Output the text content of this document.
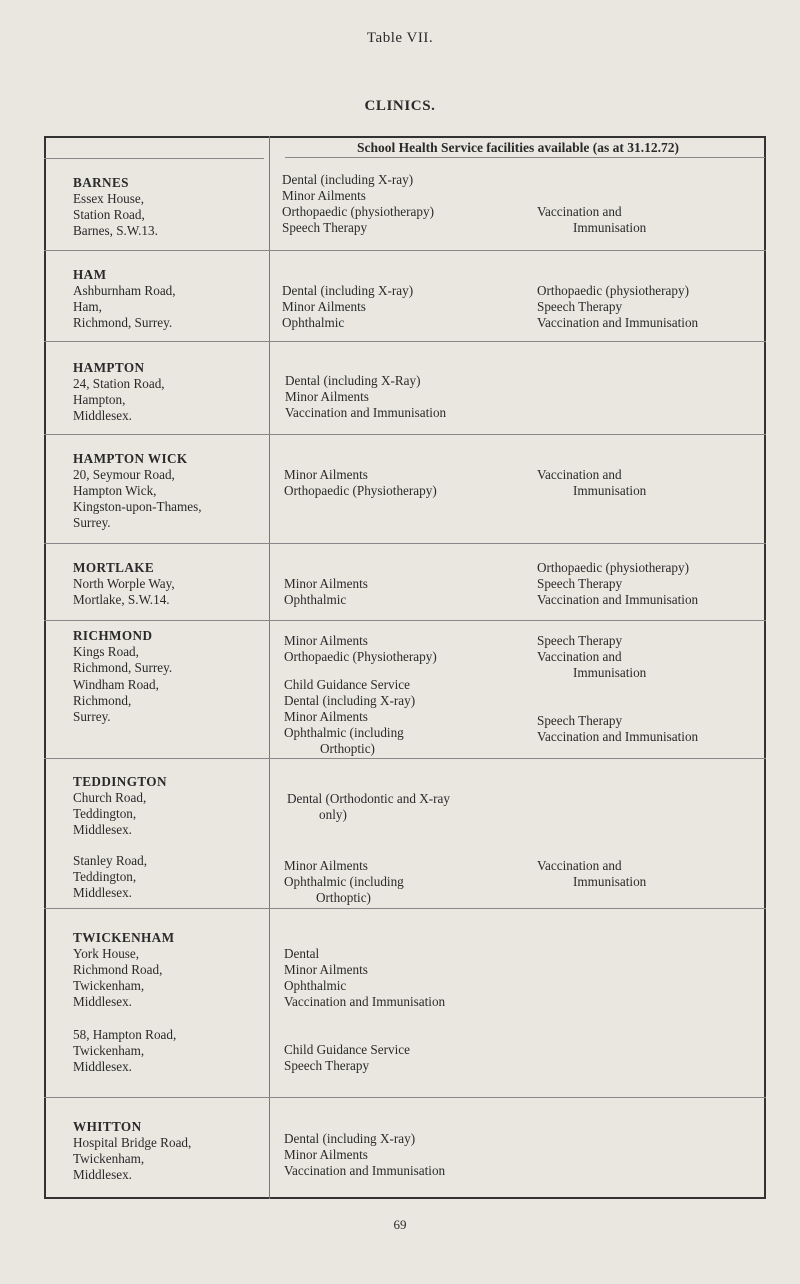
Table VII.
CLINICS.
School Health Service facilities available (as at 31.12.72)
BARNES
Essex House,
Station Road,
Barnes, S.W.13.
Dental (including X-ray)
Minor Ailments
Orthopaedic (physiotherapy)
Speech Therapy
Vaccination and
Immunisation
HAM
Ashburnham Road,
Ham,
Richmond, Surrey.
Dental (including X-ray)
Minor Ailments
Ophthalmic
Orthopaedic (physiotherapy)
Speech Therapy
Vaccination and Immunisation
HAMPTON
24, Station Road,
Hampton,
Middlesex.
Dental (including X-Ray)
Minor Ailments
Vaccination and Immunisation
HAMPTON WICK
20, Seymour Road,
Hampton Wick,
Kingston-upon-Thames,
Surrey.
Minor Ailments
Orthopaedic (Physiotherapy)
Vaccination and
Immunisation
MORTLAKE
North Worple Way,
Mortlake, S.W.14.
Minor Ailments
Ophthalmic
Orthopaedic (physiotherapy)
Speech Therapy
Vaccination and Immunisation
RICHMOND
Kings Road,
Richmond, Surrey.
Windham Road,
Richmond,
Surrey.
Minor Ailments
Orthopaedic (Physiotherapy)
Speech Therapy
Vaccination and
Immunisation
Child Guidance Service
Dental (including X-ray)
Minor Ailments
Ophthalmic (including
Orthoptic)
Speech Therapy
Vaccination and Immunisation
TEDDINGTON
Church Road,
Teddington,
Middlesex.
Stanley Road,
Teddington,
Middlesex.
Dental (Orthodontic and X-ray
only)
Minor Ailments
Ophthalmic (including
Orthoptic)
Vaccination and
Immunisation
TWICKENHAM
York House,
Richmond Road,
Twickenham,
Middlesex.
58, Hampton Road,
Twickenham,
Middlesex.
Dental
Minor Ailments
Ophthalmic
Vaccination and Immunisation
Child Guidance Service
Speech Therapy
WHITTON
Hospital Bridge Road,
Twickenham,
Middlesex.
Dental (including X-ray)
Minor Ailments
Vaccination and Immunisation
69
